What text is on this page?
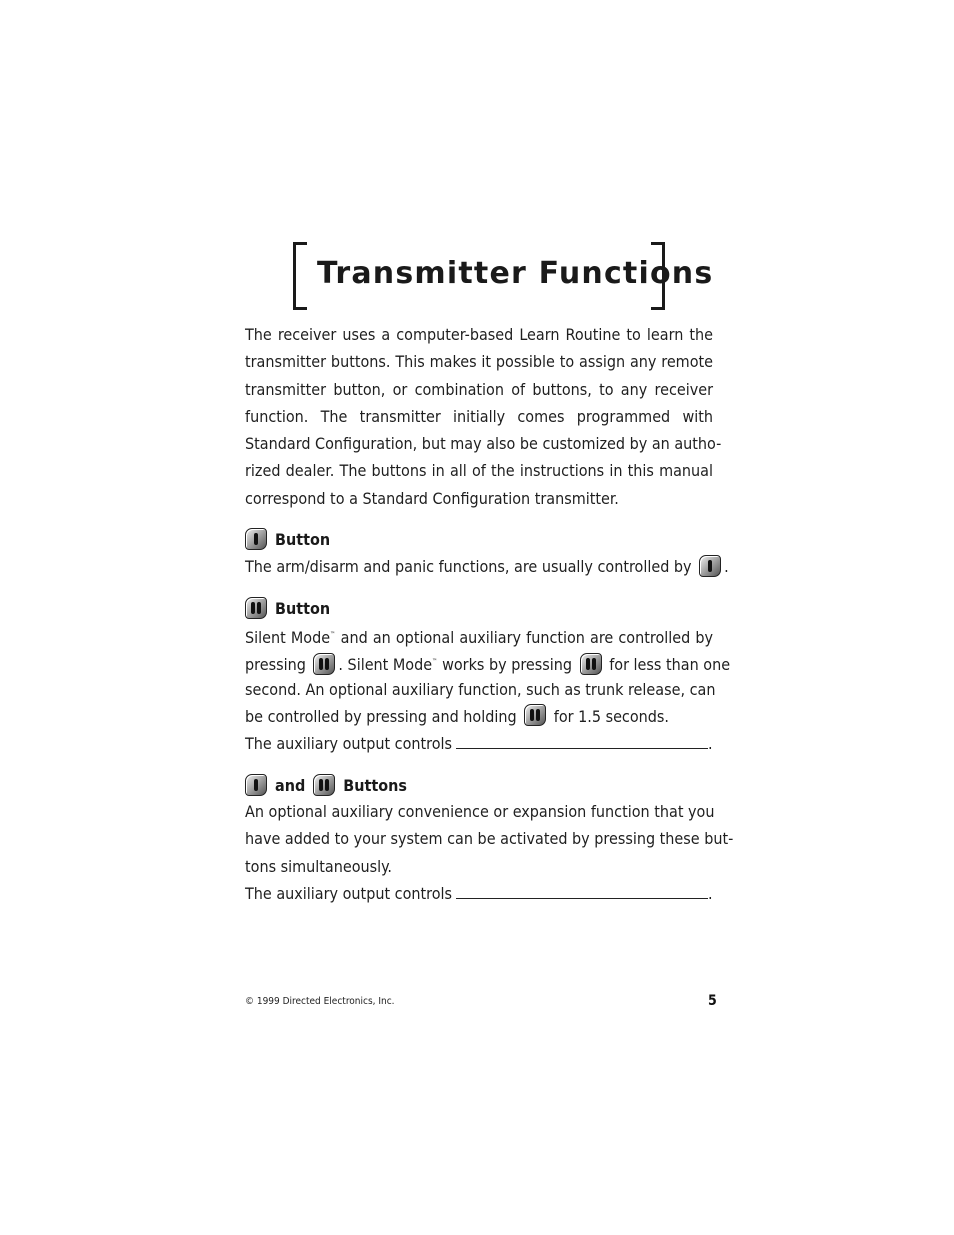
Transmitter Functions
The receiver uses a computer-based Learn Routine to learn the
transmitter buttons. This makes it possible to assign any remote
transmitter button, or combination of buttons, to any receiver
function. The transmitter initially comes programmed with
Standard Configuration, but may also be customized by an autho-
rized dealer. The buttons in all of the instructions in this manual
correspond to a Standard Configuration transmitter.
Button
The arm/disarm and panic functions, are usually controlled by .
Button
Silent Mode™ and an optional auxiliary function are controlled by
pressing . Silent Mode™ works by pressing for less than one
second. An optional auxiliary function, such as trunk release, can
be controlled by pressing and holding for 1.5 seconds.
The auxiliary output controls	.
and Buttons
An optional auxiliary convenience or expansion function that you
have added to your system can be activated by pressing these but-
tons simultaneously.
The auxiliary output controls	.
© 1999 Directed Electronics, Inc.	5
